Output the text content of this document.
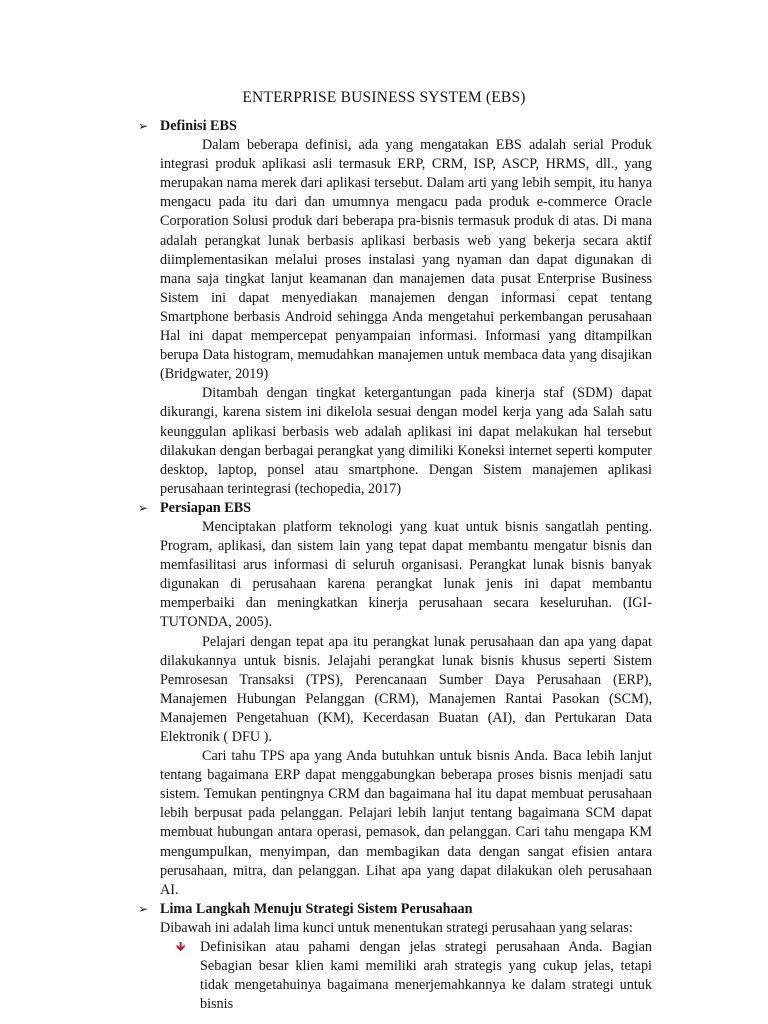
ENTERPRISE BUSINESS SYSTEM (EBS)

➢ Definisi EBS

Dalam beberapa definisi, ada yang mengatakan EBS adalah serial Produk integrasi produk aplikasi asli termasuk ERP, CRM, ISP, ASCP, HRMS, dll., yang merupakan nama merek dari aplikasi tersebut. Dalam arti yang lebih sempit, itu hanya mengacu pada itu dari dan umumnya mengacu pada produk e-commerce Oracle Corporation Solusi produk dari beberapa pra-bisnis termasuk produk di atas. Di mana adalah perangkat lunak berbasis aplikasi berbasis web yang bekerja secara aktif diimplementasikan melalui proses instalasi yang nyaman dan dapat digunakan di mana saja tingkat lanjut keamanan dan manajemen data pusat Enterprise Business Sistem ini dapat menyediakan manajemen dengan informasi cepat tentang Smartphone berbasis Android sehingga Anda mengetahui perkembangan perusahaan Hal ini dapat mempercepat penyampaian informasi. Informasi yang ditampilkan berupa Data histogram, memudahkan manajemen untuk membaca data yang disajikan (Bridgwater, 2019)

Ditambah dengan tingkat ketergantungan pada kinerja staf (SDM) dapat dikurangi, karena sistem ini dikelola sesuai dengan model kerja yang ada Salah satu keunggulan aplikasi berbasis web adalah aplikasi ini dapat melakukan hal tersebut dilakukan dengan berbagai perangkat yang dimiliki Koneksi internet seperti komputer desktop, laptop, ponsel atau smartphone. Dengan Sistem manajemen aplikasi perusahaan terintegrasi (techopedia, 2017)

➢ Persiapan EBS

Menciptakan platform teknologi yang kuat untuk bisnis sangatlah penting. Program, aplikasi, dan sistem lain yang tepat dapat membantu mengatur bisnis dan memfasilitasi arus informasi di seluruh organisasi. Perangkat lunak bisnis banyak digunakan di perusahaan karena perangkat lunak jenis ini dapat membantu memperbaiki dan meningkatkan kinerja perusahaan secara keseluruhan. (IGI-TUTONDA, 2005).

Pelajari dengan tepat apa itu perangkat lunak perusahaan dan apa yang dapat dilakukannya untuk bisnis. Jelajahi perangkat lunak bisnis khusus seperti Sistem Pemrosesan Transaksi (TPS), Perencanaan Sumber Daya Perusahaan (ERP), Manajemen Hubungan Pelanggan (CRM), Manajemen Rantai Pasokan (SCM), Manajemen Pengetahuan (KM), Kecerdasan Buatan (AI), dan Pertukaran Data Elektronik ( DFU ).

Cari tahu TPS apa yang Anda butuhkan untuk bisnis Anda. Baca lebih lanjut tentang bagaimana ERP dapat menggabungkan beberapa proses bisnis menjadi satu sistem. Temukan pentingnya CRM dan bagaimana hal itu dapat membuat perusahaan lebih berpusat pada pelanggan. Pelajari lebih lanjut tentang bagaimana SCM dapat membuat hubungan antara operasi, pemasok, dan pelanggan. Cari tahu mengapa KM mengumpulkan, menyimpan, dan membagikan data dengan sangat efisien antara perusahaan, mitra, dan pelanggan. Lihat apa yang dapat dilakukan oleh perusahaan AI.

➢ Lima Langkah Menuju Strategi Sistem Perusahaan

Dibawah ini adalah lima kunci untuk menentukan strategi perusahaan yang selaras:

🡻 Definisikan atau pahami dengan jelas strategi perusahaan Anda. Bagian Sebagian besar klien kami memiliki arah strategis yang cukup jelas, tetapi tidak mengetahuinya bagaimana menerjemahkannya ke dalam strategi untuk bisnis
